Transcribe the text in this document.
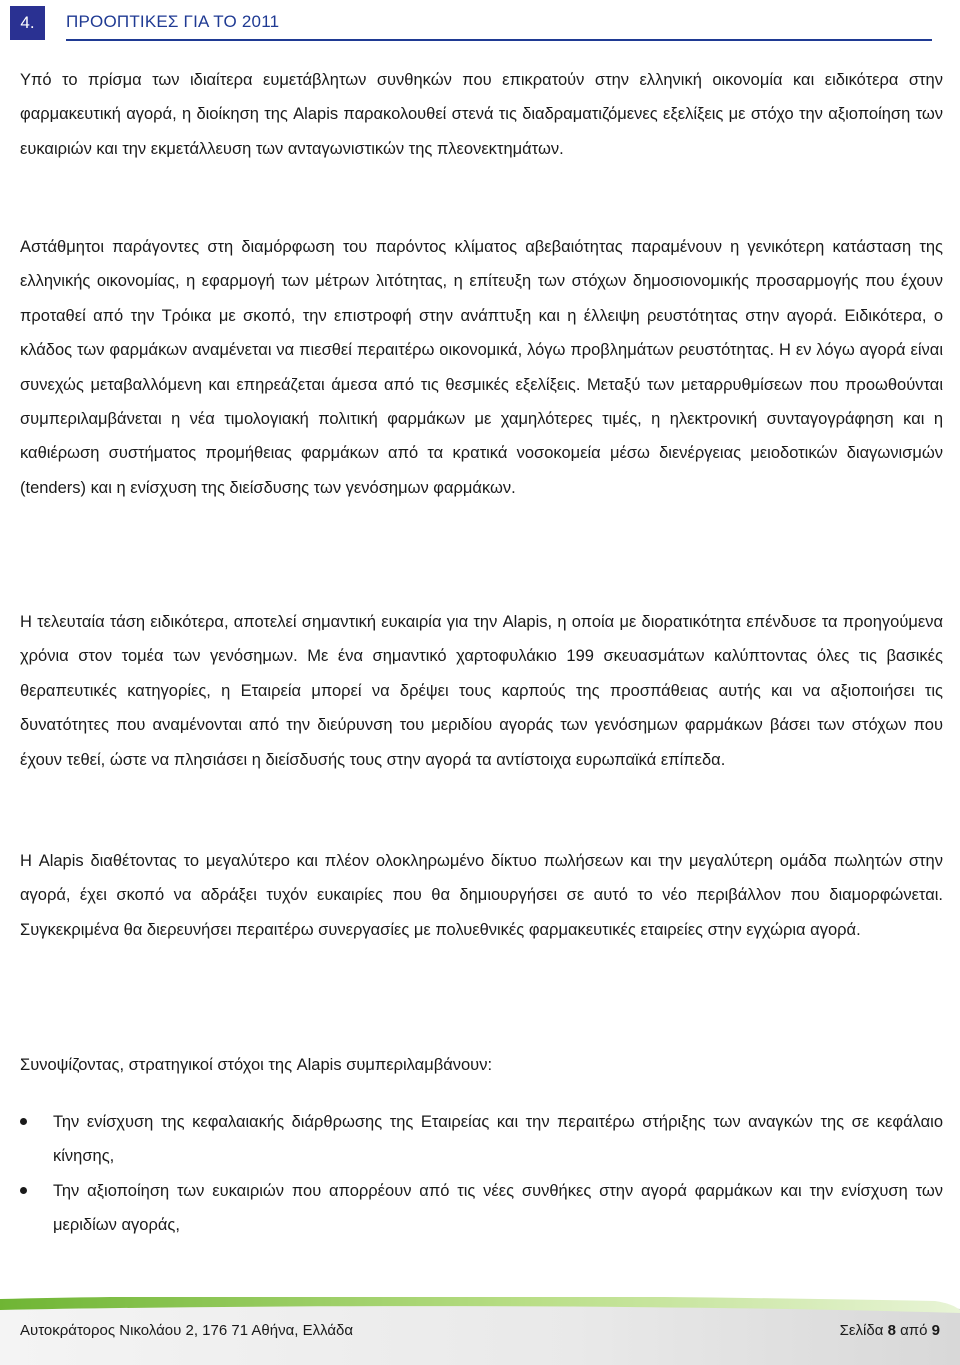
4.	ΠΡΟΟΠΤΙΚΕΣ ΓΙΑ ΤΟ 2011

Υπό το πρίσμα των ιδιαίτερα ευμετάβλητων συνθηκών που επικρατούν στην ελληνική οικονομία και ειδικότερα στην φαρμακευτική αγορά, η διοίκηση της Alapis παρακολουθεί στενά τις διαδραματιζόμενες εξελίξεις με στόχο την αξιοποίηση των ευκαιριών και την εκμετάλλευση των ανταγωνιστικών της πλεονεκτημάτων.

Αστάθμητοι παράγοντες στη διαμόρφωση του παρόντος κλίματος αβεβαιότητας παραμένουν η γενικότερη κατάσταση της ελληνικής οικονομίας, η εφαρμογή των μέτρων λιτότητας, η επίτευξη των στόχων δημοσιονομικής προσαρμογής που έχουν προταθεί από την Τρόικα με σκοπό, την επιστροφή στην ανάπτυξη και η έλλειψη ρευστότητας στην αγορά. Ειδικότερα, ο κλάδος των φαρμάκων αναμένεται να πιεσθεί περαιτέρω οικονομικά, λόγω προβλημάτων ρευστότητας. Η εν λόγω αγορά είναι συνεχώς μεταβαλλόμενη και επηρεάζεται άμεσα από τις θεσμικές εξελίξεις. Μεταξύ των μεταρρυθμίσεων που προωθούνται συμπεριλαμβάνεται η νέα τιμολογιακή πολιτική φαρμάκων με χαμηλότερες τιμές, η ηλεκτρονική συνταγογράφηση και η καθιέρωση συστήματος προμήθειας φαρμάκων από τα κρατικά νοσοκομεία μέσω διενέργειας μειοδοτικών διαγωνισμών (tenders) και η ενίσχυση της διείσδυσης των γενόσημων φαρμάκων.

Η τελευταία τάση ειδικότερα, αποτελεί σημαντική ευκαιρία για την Alapis, η οποία με διορατικότητα επένδυσε τα προηγούμενα χρόνια στον τομέα των γενόσημων. Με ένα σημαντικό χαρτοφυλάκιο 199 σκευασμάτων καλύπτοντας όλες τις βασικές θεραπευτικές κατηγορίες, η Εταιρεία μπορεί να δρέψει τους καρπούς της προσπάθειας αυτής και να αξιοποιήσει τις δυνατότητες που αναμένονται από την διεύρυνση του μεριδίου αγοράς των γενόσημων φαρμάκων βάσει των στόχων που έχουν τεθεί, ώστε να πλησιάσει η διείσδυσής τους στην αγορά τα αντίστοιχα ευρωπαϊκά επίπεδα.

Η Alapis διαθέτοντας το μεγαλύτερο και πλέον ολοκληρωμένο δίκτυο πωλήσεων και την μεγαλύτερη ομάδα πωλητών στην αγορά, έχει σκοπό να αδράξει τυχόν ευκαιρίες που θα δημιουργήσει σε αυτό το νέο περιβάλλον που διαμορφώνεται. Συγκεκριμένα θα διερευνήσει περαιτέρω συνεργασίες με πολυεθνικές φαρμακευτικές εταιρείες στην εγχώρια αγορά.

Συνοψίζοντας, στρατηγικοί στόχοι της Alapis συμπεριλαμβάνουν:

Την ενίσχυση της κεφαλαιακής διάρθρωσης της Εταιρείας και την περαιτέρω στήριξης των αναγκών της σε κεφάλαιο κίνησης,
Την αξιοποίηση των ευκαιριών που απορρέουν από τις νέες συνθήκες στην αγορά φαρμάκων και την ενίσχυση των μεριδίων αγοράς,
Αυτοκράτορος Νικολάου 2, 176 71 Αθήνα, Ελλάδα	Σελίδα 8 από 9
